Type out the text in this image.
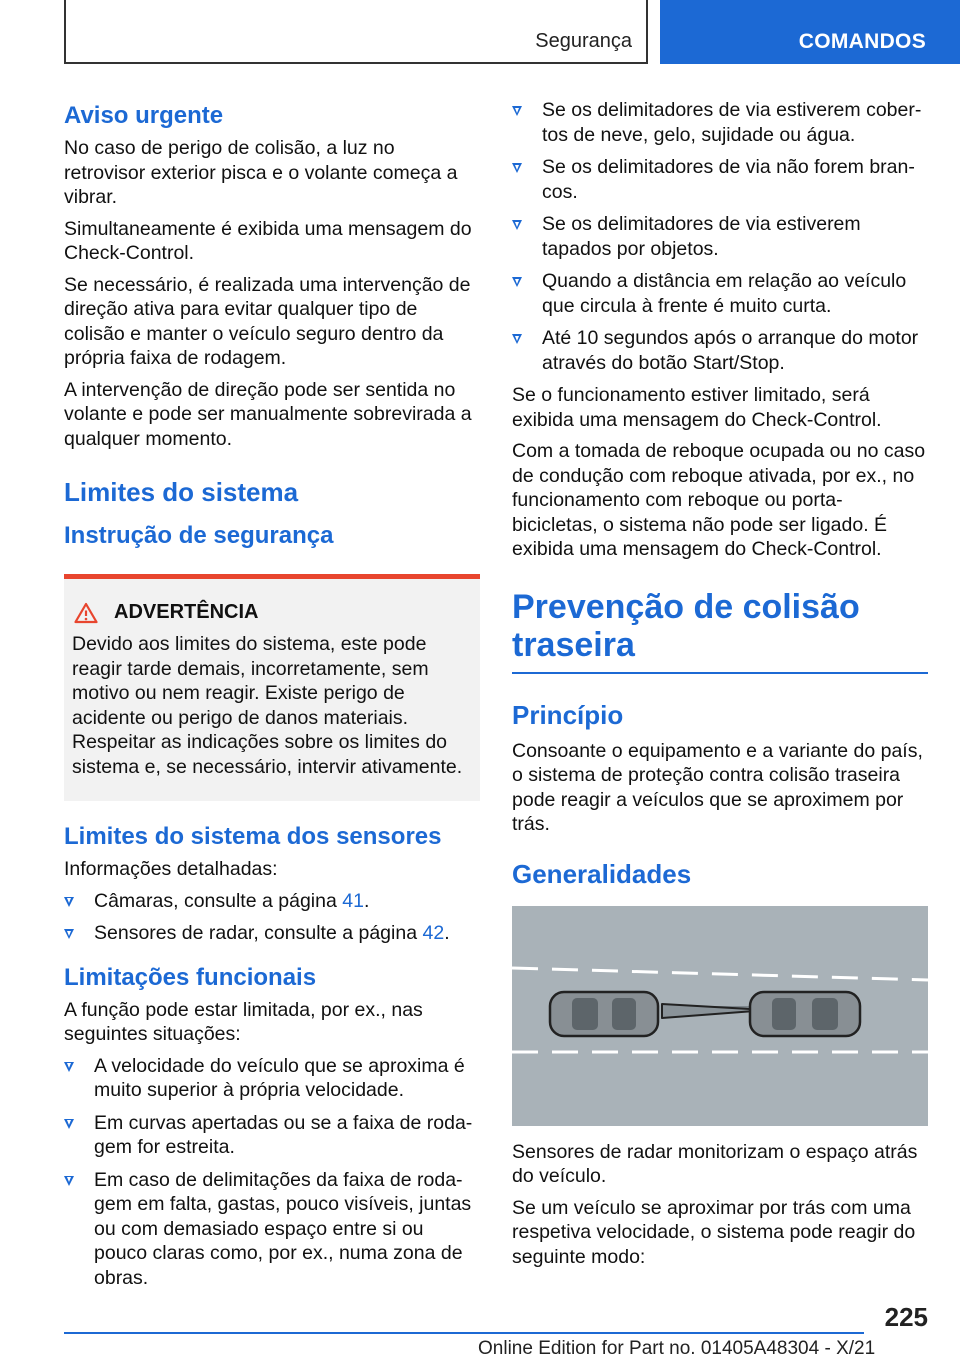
Segurança	COMANDOS
Aviso urgente

No caso de perigo de colisão, a luz no retrovisor exterior pisca e o volante começa a vibrar.

Simultaneamente é exibida uma mensagem do Check-Control.

Se necessário, é realizada uma intervenção de direção ativa para evitar qualquer tipo de colisão e manter o veículo seguro dentro da própria faixa de rodagem.

A intervenção de direção pode ser sentida no volante e pode ser manualmente sobrevirada a qualquer momento.

Limites do sistema
Instrução de segurança
ADVERTÊNCIA

Devido aos limites do sistema, este pode reagir tarde demais, incorretamente, sem motivo ou nem reagir. Existe perigo de acidente ou perigo de danos materiais. Respeitar as indicações sobre os limites do sistema e, se necessário, intervir ativamente.

Limites do sistema dos sensores

Informações detalhadas:

Câmaras, consulte a página 41.
Sensores de radar, consulte a página 42.
Limitações funcionais

A função pode estar limitada, por ex., nas seguintes situações:

A velocidade do veículo que se aproxima é muito superior à própria velocidade.
Em curvas apertadas ou se a faixa de rodagem for estreita.
Em caso de delimitações da faixa de rodagem em falta, gastas, pouco visíveis, juntas ou com demasiado espaço entre si ou pouco claras como, por ex., numa zona de obras.
Se os delimitadores de via estiverem cobertos de neve, gelo, sujidade ou água.
Se os delimitadores de via não forem brancos.
Se os delimitadores de via estiverem tapados por objetos.
Quando a distância em relação ao veículo que circula à frente é muito curta.
Até 10 segundos após o arranque do motor através do botão Start/Stop.

Se o funcionamento estiver limitado, será exibida uma mensagem do Check-Control.

Com a tomada de reboque ocupada ou no caso de condução com reboque ativada, por ex., no funcionamento com reboque ou porta-bicicletas, o sistema não pode ser ligado. É exibida uma mensagem do Check-Control.

Prevenção de colisão traseira
Princípio

Consoante o equipamento e a variante do país, o sistema de proteção contra colisão traseira pode reagir a veículos que se aproximem por trás.

Generalidades

Sensores de radar monitorizam o espaço atrás do veículo.

Se um veículo se aproximar por trás com uma respetiva velocidade, o sistema pode reagir do seguinte modo:

225
Online Edition for Part no. 01405A48304 - X/21
